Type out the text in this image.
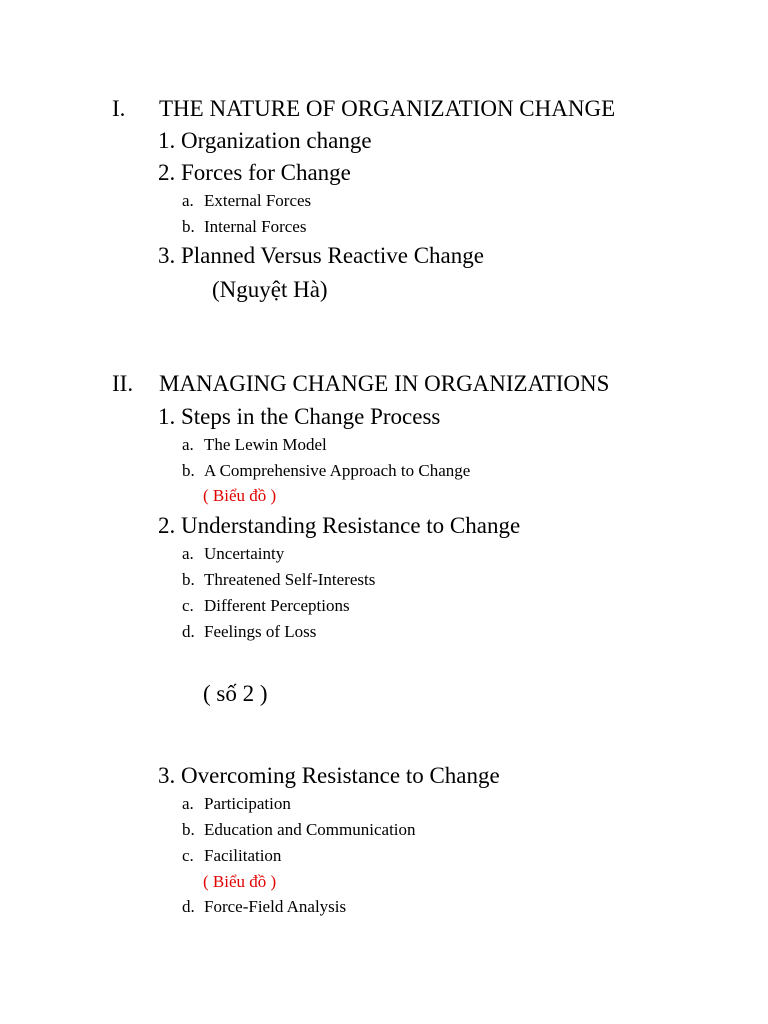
I. THE NATURE OF ORGANIZATION CHANGE
1. Organization change
2. Forces for Change
a. External Forces
b. Internal Forces
3. Planned Versus Reactive Change
(Nguyệt Hà)
II. MANAGING CHANGE IN ORGANIZATIONS
1. Steps in the Change Process
a. The Lewin Model
b. A Comprehensive Approach to Change
( Biểu đồ )
2. Understanding Resistance to Change
a. Uncertainty
b. Threatened Self-Interests
c. Different Perceptions
d. Feelings of Loss
( số 2 )
3. Overcoming Resistance to Change
a. Participation
b. Education and Communication
c. Facilitation
( Biểu đồ )
d. Force-Field Analysis
